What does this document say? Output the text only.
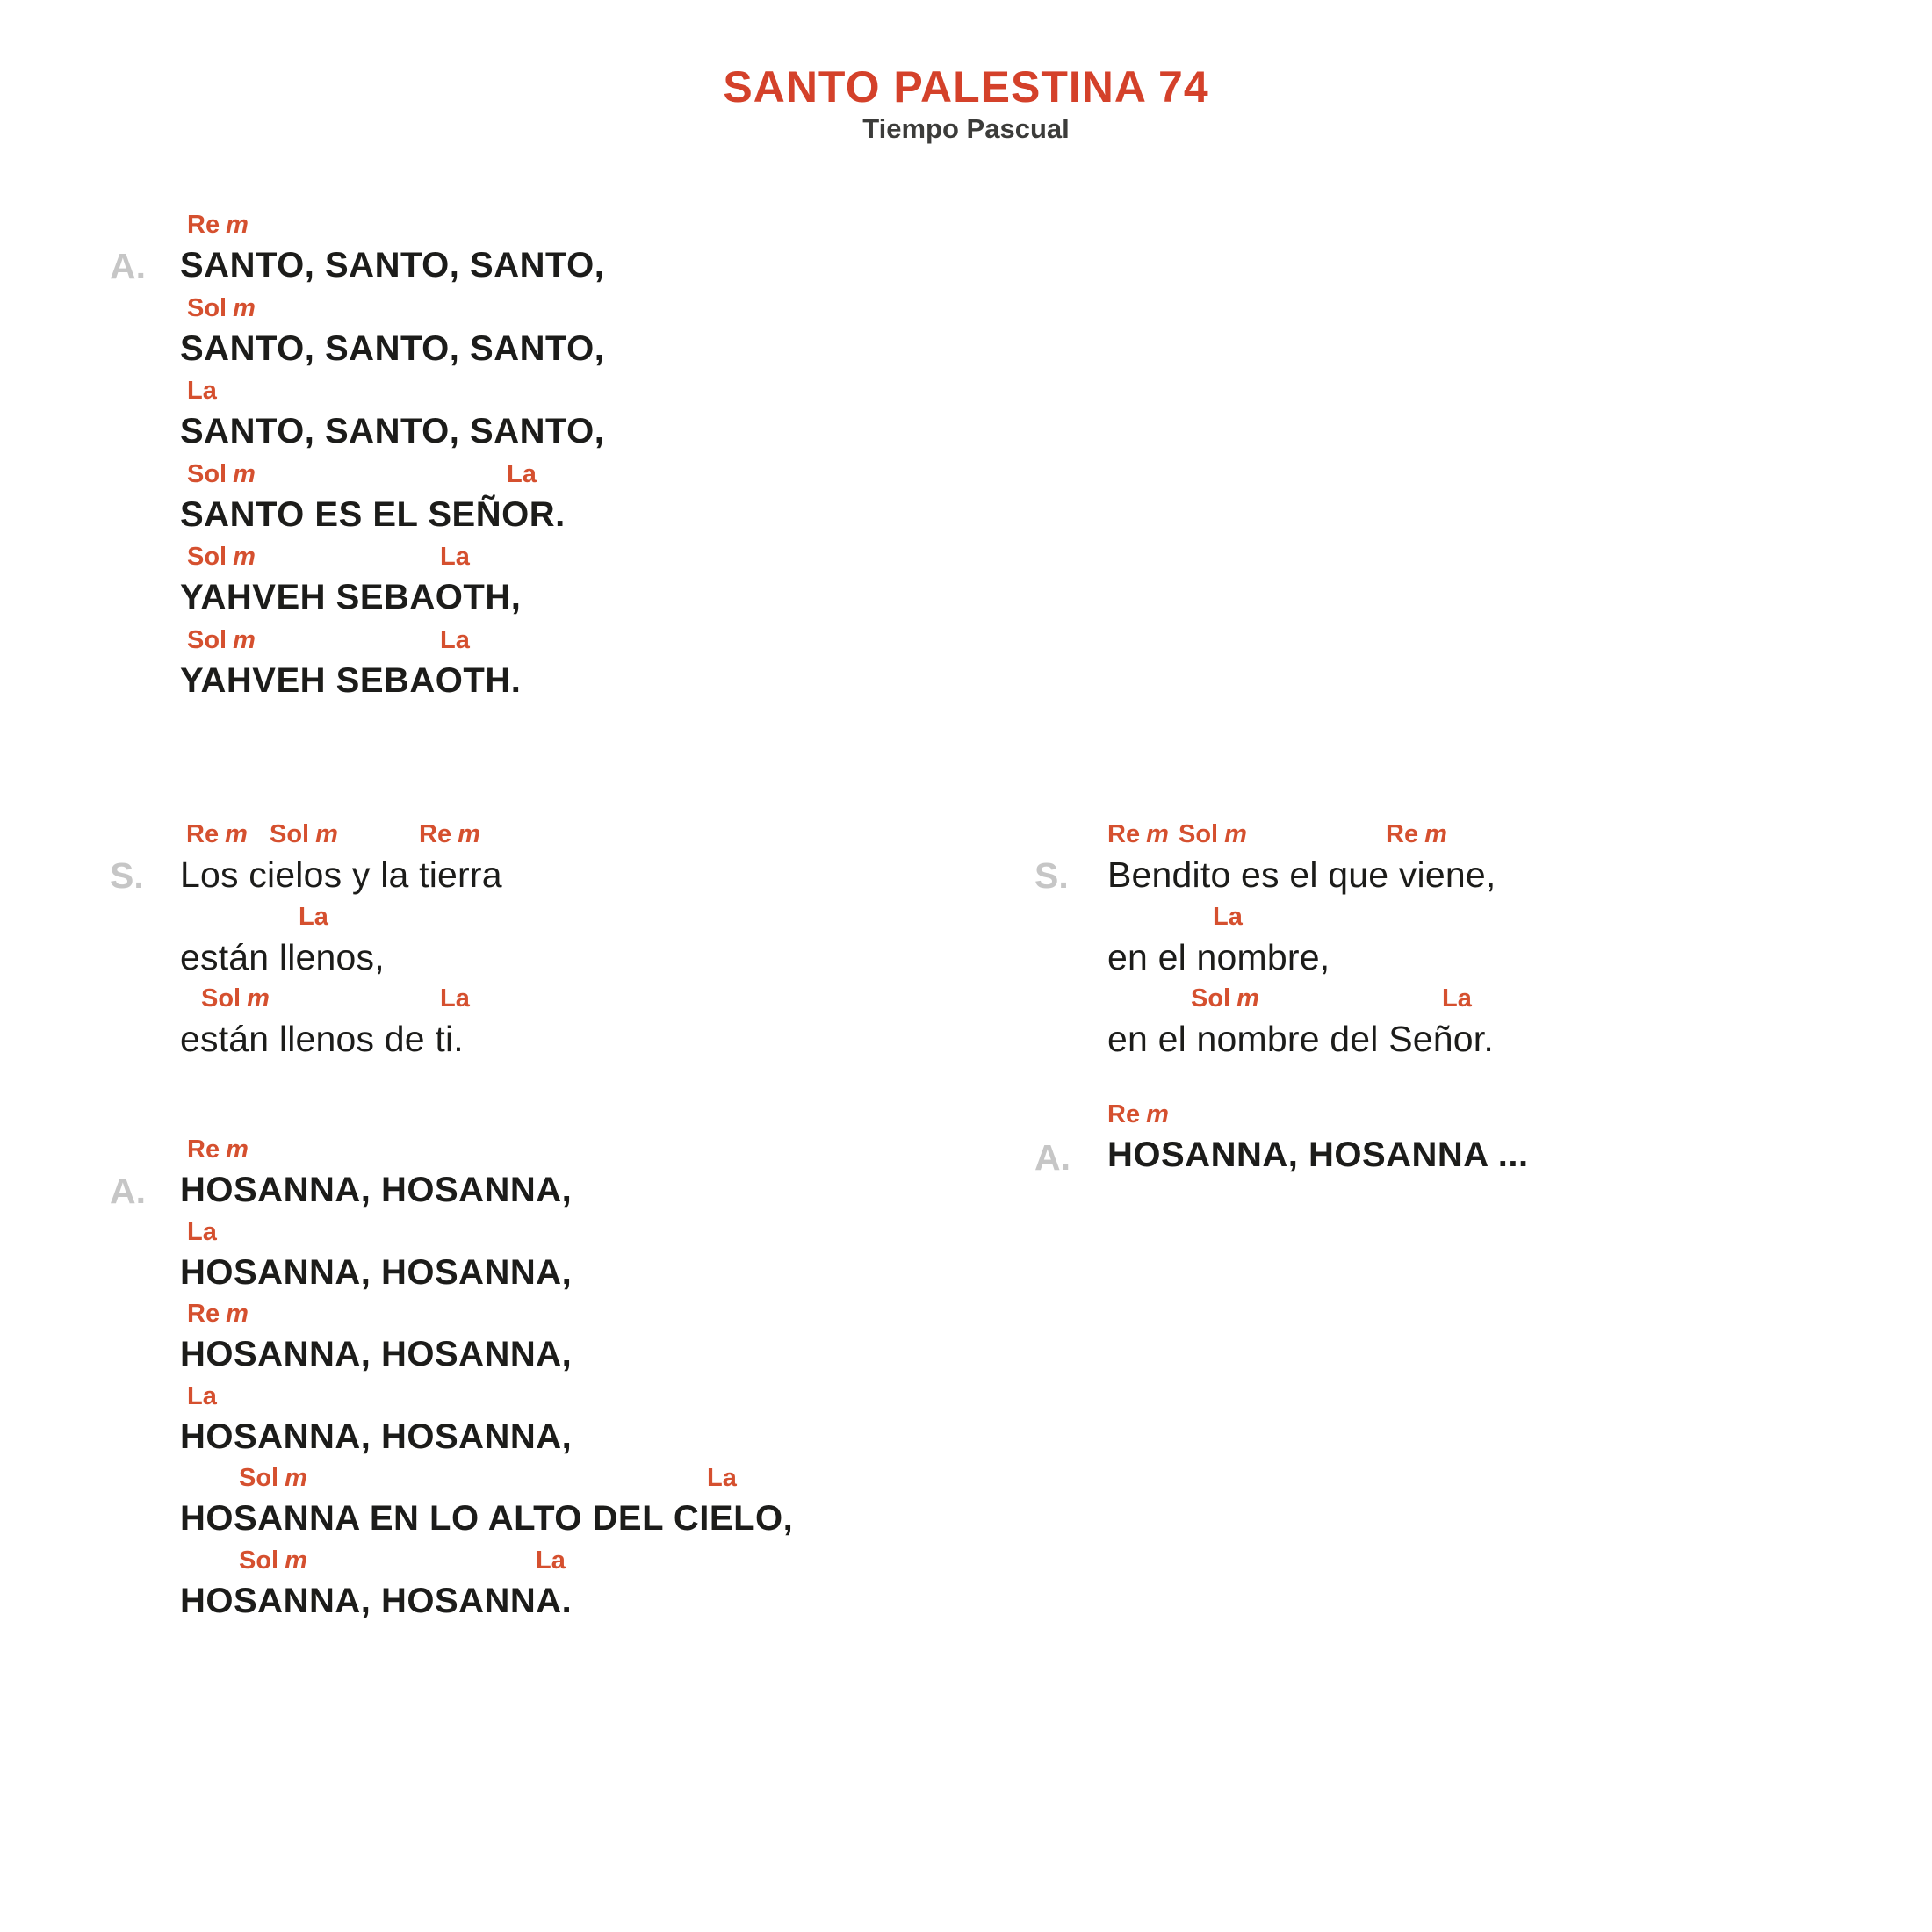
SANTO PALESTINA 74
Tiempo Pascual
A.
S.
A.
S.
A.
Re m
SANTO, SANTO, SANTO,
Sol m
SANTO, SANTO, SANTO,
La
SANTO, SANTO, SANTO,
Sol m	La
SANTO ES EL SEÑOR.
Sol m	La
YAHVEH SEBAOTH,
Sol m	La
YAHVEH SEBAOTH.
Re m Sol m	Re m
Los cielos y la tierra
La
están llenos,
Sol m	La
están llenos de ti.
Re m
HOSANNA, HOSANNA,
La
HOSANNA, HOSANNA,
Re m
HOSANNA, HOSANNA,
La
HOSANNA, HOSANNA,
Sol m	La
HOSANNA EN LO ALTO DEL CIELO,
Sol m	La
HOSANNA, HOSANNA.
Re m Sol m	Re m
Bendito es el que viene,
La
en el nombre,
Sol m	La
en el nombre del Señor.
Re m
HOSANNA, HOSANNA ...
